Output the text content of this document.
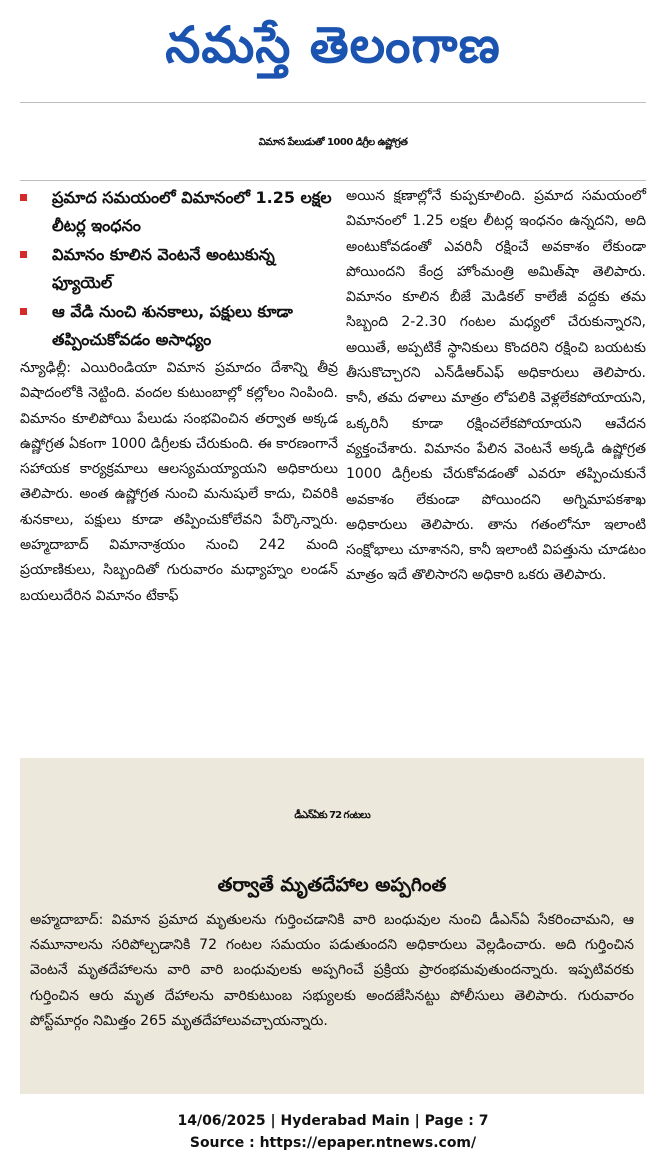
నమస్తే తెలంగాణ
విమాన పేలుడుతో 1000 డిగ్రీల ఉష్ణోగ్రత
ప్రమాద సమయంలో విమానంలో 1.25 లక్షల లీటర్ల ఇంధనం
విమానం కూలిన వెంటనే అంటుకున్న ఫ్యూయెల్
ఆ వేడి నుంచి శునకాలు, పక్షులు కూడా తప్పించుకోవడం అసాధ్యం

న్యూఢిల్లీ: ఎయిరిండియా విమాన ప్రమాదం దేశాన్ని తీవ్ర విషాదంలోకి నెట్టింది. వందల కుటుంబాల్లో కల్లోలం నింపింది. విమానం కూలిపోయి పేలుడు సంభవించిన తర్వాత అక్కడ ఉష్ణోగ్రత ఏకంగా 1000 డిగ్రీలకు చేరుకుంది. ఈ కారణంగానే సహాయక కార్యక్రమాలు ఆలస్యమయ్యాయని అధికారులు తెలిపారు. అంత ఉష్ణోగ్రత నుంచి మనుషులే కాదు, చివరికి శునకాలు, పక్షులు కూడా తప్పించుకోలేవని పేర్కొన్నారు. అహ్మదాబాద్ విమానాశ్రయం నుంచి 242 మంది ప్రయాణికులు, సిబ్బందితో గురువారం మధ్యాహ్నం లండన్ బయలుదేరిన విమానం టేకాఫ్

అయిన క్షణాల్లోనే కుప్పకూలింది. ప్రమాద సమయంలో విమానంలో 1.25 లక్షల లీటర్ల ఇంధనం ఉన్నదని, అది అంటుకోవడంతో ఎవరినీ రక్షించే అవకాశం లేకుండా పోయిందని కేంద్ర హోంమంత్రి అమిత్‌షా తెలిపారు. విమానం కూలిన బీజే మెడికల్ కాలేజీ వద్దకు తమ సిబ్బంది 2-2.30 గంటల మధ్యలో చేరుకున్నారని, అయితే, అప్పటికే స్థానికులు కొందరిని రక్షించి బయటకు తీసుకొచ్చారని ఎన్‌డీఆర్ఎఫ్ అధికారులు తెలిపారు. కానీ, తమ దళాలు మాత్రం లోపలికి వెళ్లలేకపోయాయని, ఒక్కరినీ కూడా రక్షించలేకపోయాయని ఆవేదన వ్యక్తంచేశారు. విమానం పేలిన వెంటనే అక్కడి ఉష్ణోగ్రత 1000 డిగ్రీలకు చేరుకోవడంతో ఎవరూ తప్పించుకునే అవకాశం లేకుండా పోయిందని అగ్నిమాపకశాఖ అధికారులు తెలిపారు. తాను గతంలోనూ ఇలాంటి సంక్షోభాలు చూశానని, కానీ ఇలాంటి విపత్తును చూడటం మాత్రం ఇదే తొలిసారని అధికారి ఒకరు తెలిపారు.

డీఎన్ఏకు 72 గంటలు
తర్వాతే మృతదేహాల అప్పగింత

అహ్మదాబాద్: విమాన ప్రమాద మృతులను గుర్తించడానికి వారి బంధువుల నుంచి డీఎన్ఏ సేకరించామని, ఆ నమూనాలను సరిపోల్చడానికి 72 గంటల సమయం పడుతుందని అధికారులు వెల్లడించారు. అది గుర్తించిన వెంటనే మృతదేహాలను వారి వారి బంధువులకు అప్పగించే ప్రక్రియ ప్రారంభమవుతుందన్నారు. ఇప్పటివరకు గుర్తించిన ఆరు మృత దేహాలను వారికుటుంబ సభ్యులకు అందజేసినట్టు పోలీసులు తెలిపారు. గురువారం పోస్ట్‌మార్గం నిమిత్తం 265 మృతదేహాలువచ్చాయన్నారు.

14/06/2025 | Hyderabad Main | Page : 7
Source : https://epaper.ntnews.com/
